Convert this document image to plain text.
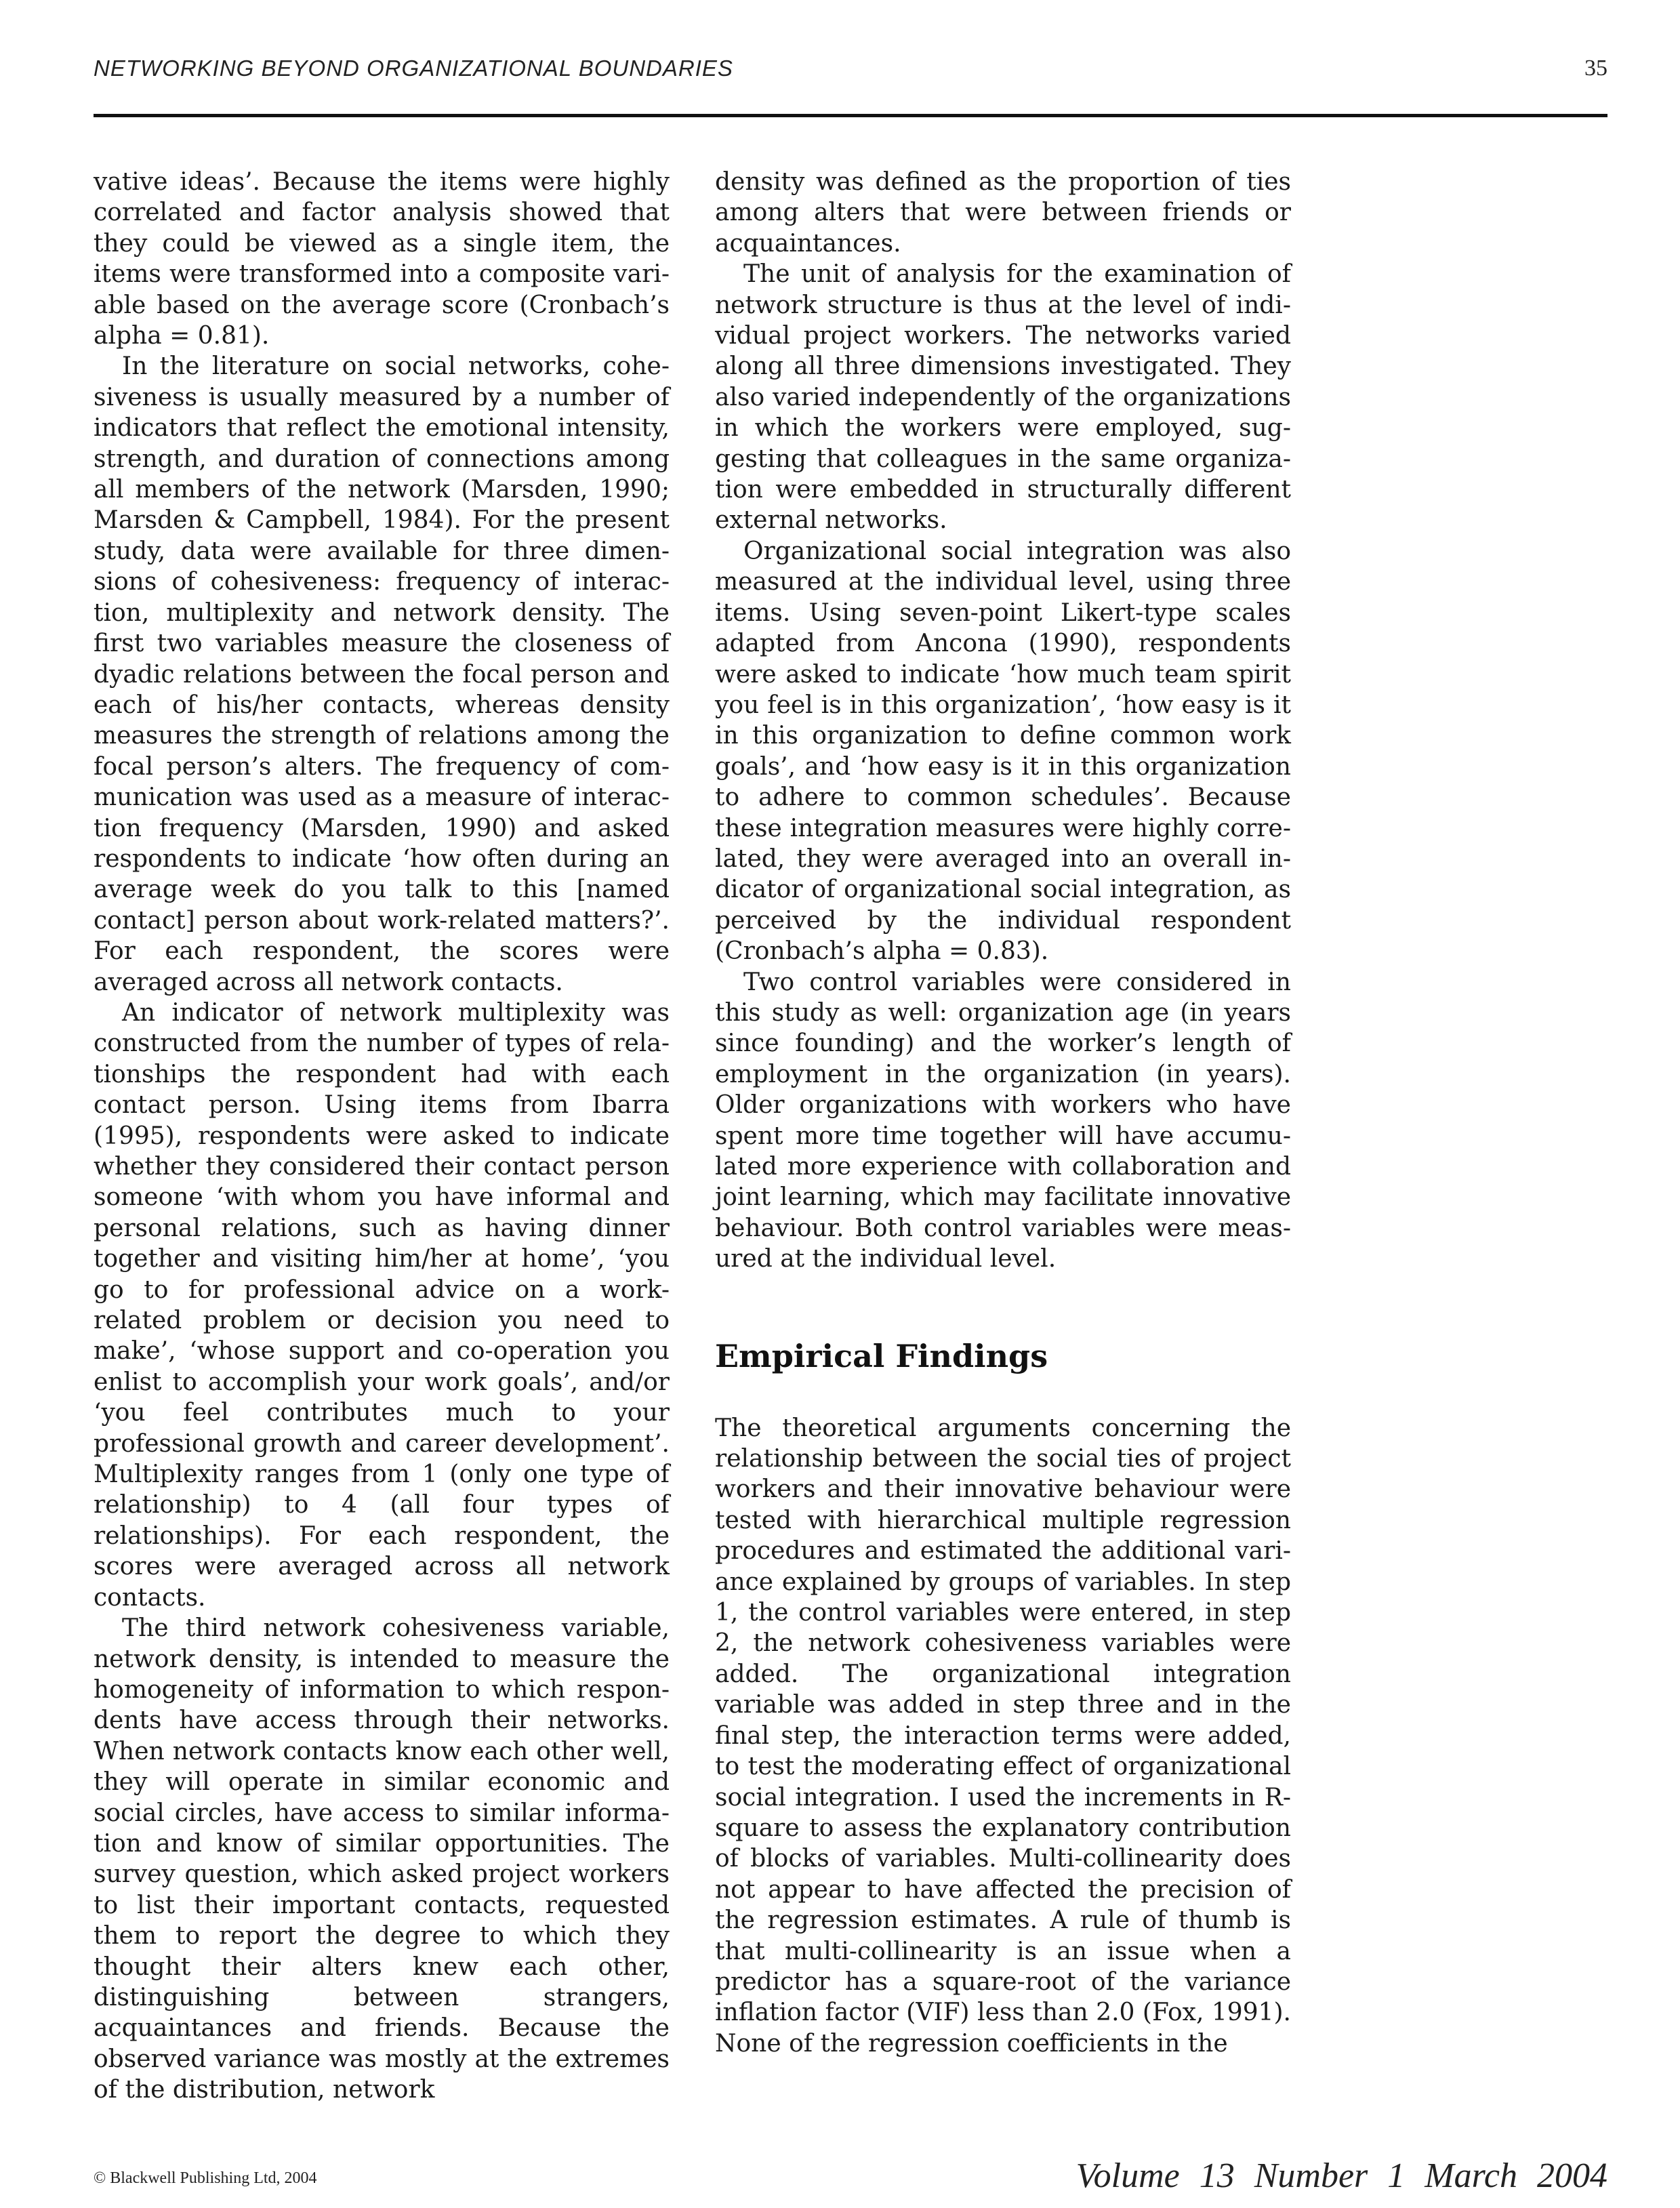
NETWORKING BEYOND ORGANIZATIONAL BOUNDARIES	35

vative ideas’. Because the items were highly correlated and factor analysis showed that they could be viewed as a single item, the items were transformed into a composite variable based on the average score (Cronbach’s alpha = 0.81).

In the literature on social networks, cohesiveness is usually measured by a number of indicators that reflect the emotional intensity, strength, and duration of connections among all members of the network (Marsden, 1990; Marsden & Campbell, 1984). For the present study, data were available for three dimensions of cohesiveness: frequency of interaction, multiplexity and network density. The first two variables measure the closeness of dyadic relations between the focal person and each of his/her contacts, whereas density measures the strength of relations among the focal person’s alters. The frequency of communication was used as a measure of interaction frequency (Marsden, 1990) and asked respondents to indicate ‘how often during an average week do you talk to this [named contact] person about work-related matters?’. For each respondent, the scores were averaged across all network contacts.

An indicator of network multiplexity was constructed from the number of types of relationships the respondent had with each contact person. Using items from Ibarra (1995), respondents were asked to indicate whether they considered their contact person someone ‘with whom you have informal and personal relations, such as having dinner together and visiting him/her at home’, ‘you go to for professional advice on a work-related problem or decision you need to make’, ‘whose support and co-operation you enlist to accomplish your work goals’, and/or ‘you feel contributes much to your professional growth and career development’. Multiplexity ranges from 1 (only one type of relationship) to 4 (all four types of relationships). For each respondent, the scores were averaged across all network contacts.

The third network cohesiveness variable, network density, is intended to measure the homogeneity of information to which respondents have access through their networks. When network contacts know each other well, they will operate in similar economic and social circles, have access to similar information and know of similar opportunities. The survey question, which asked project workers to list their important contacts, requested them to report the degree to which they thought their alters knew each other, distinguishing between strangers, acquaintances and friends. Because the observed variance was mostly at the extremes of the distribution, network

density was defined as the proportion of ties among alters that were between friends or acquaintances.

The unit of analysis for the examination of network structure is thus at the level of individual project workers. The networks varied along all three dimensions investigated. They also varied independently of the organizations in which the workers were employed, suggesting that colleagues in the same organization were embedded in structurally different external networks.

Organizational social integration was also measured at the individual level, using three items. Using seven-point Likert-type scales adapted from Ancona (1990), respondents were asked to indicate ‘how much team spirit you feel is in this organization’, ‘how easy is it in this organization to define common work goals’, and ‘how easy is it in this organization to adhere to common schedules’. Because these integration measures were highly correlated, they were averaged into an overall indicator of organizational social integration, as perceived by the individual respondent (Cronbach’s alpha = 0.83).

Two control variables were considered in this study as well: organization age (in years since founding) and the worker’s length of employment in the organization (in years). Older organizations with workers who have spent more time together will have accumulated more experience with collaboration and joint learning, which may facilitate innovative behaviour. Both control variables were measured at the individual level.

Empirical Findings

The theoretical arguments concerning the relationship between the social ties of project workers and their innovative behaviour were tested with hierarchical multiple regression procedures and estimated the additional variance explained by groups of variables. In step 1, the control variables were entered, in step 2, the network cohesiveness variables were added. The organizational integration variable was added in step three and in the final step, the interaction terms were added, to test the moderating effect of organizational social integration. I used the increments in R-square to assess the explanatory contribution of blocks of variables. Multi-collinearity does not appear to have affected the precision of the regression estimates. A rule of thumb is that multi-collinearity is an issue when a predictor has a square-root of the variance inflation factor (VIF) less than 2.0 (Fox, 1991). None of the regression coefficients in the

© Blackwell Publishing Ltd, 2004	Volume 13 Number 1 March 2004
